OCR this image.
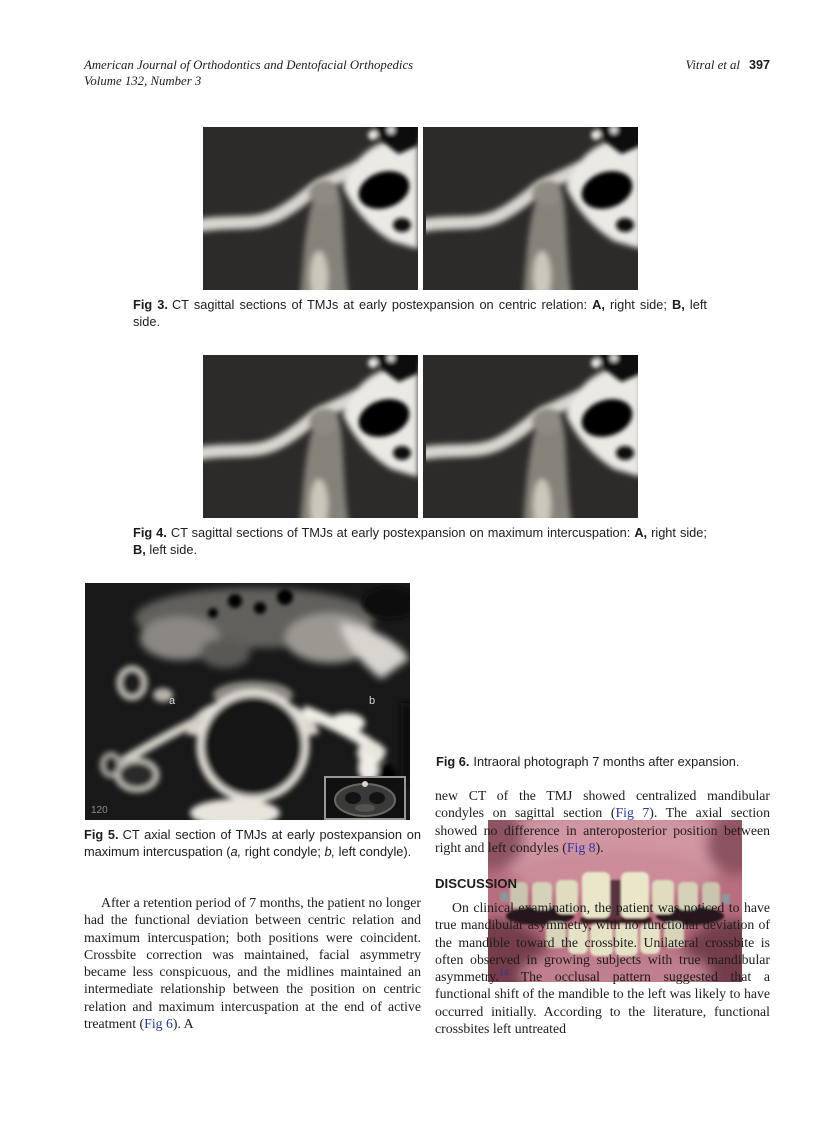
American Journal of Orthodontics and Dentofacial Orthopedics
Volume 132, Number 3
Vitral et al 397
Fig 3. CT sagittal sections of TMJs at early postexpansion on centric relation: A, right side; B, left side.
Fig 4. CT sagittal sections of TMJs at early postexpansion on maximum intercuspation: A, right side; B, left side.
a	b
120
Fig 6. Intraoral photograph 7 months after expansion.
Fig 5. CT axial section of TMJs at early postexpansion on maximum intercuspation (a, right condyle; b, left condyle).
After a retention period of 7 months, the patient no longer had the functional deviation between centric relation and maximum intercuspation; both positions were coincident. Crossbite correction was maintained, facial asymmetry became less conspicuous, and the midlines maintained an intermediate relationship between the position on centric relation and maximum intercuspation at the end of active treatment (Fig 6). A
new CT of the TMJ showed centralized mandibular condyles on sagittal section (Fig 7). The axial section showed no difference in anteroposterior position between right and left condyles (Fig 8).
DISCUSSION
On clinical examination, the patient was noticed to have true mandibular asymmetry, with no functional deviation of the mandible toward the crossbite. Unilateral crossbite is often observed in growing subjects with true mandibular asymmetry.$^{14}$ The occlusal pattern suggested that a functional shift of the mandible to the left was likely to have occurred initially. According to the literature, functional crossbites left untreated
